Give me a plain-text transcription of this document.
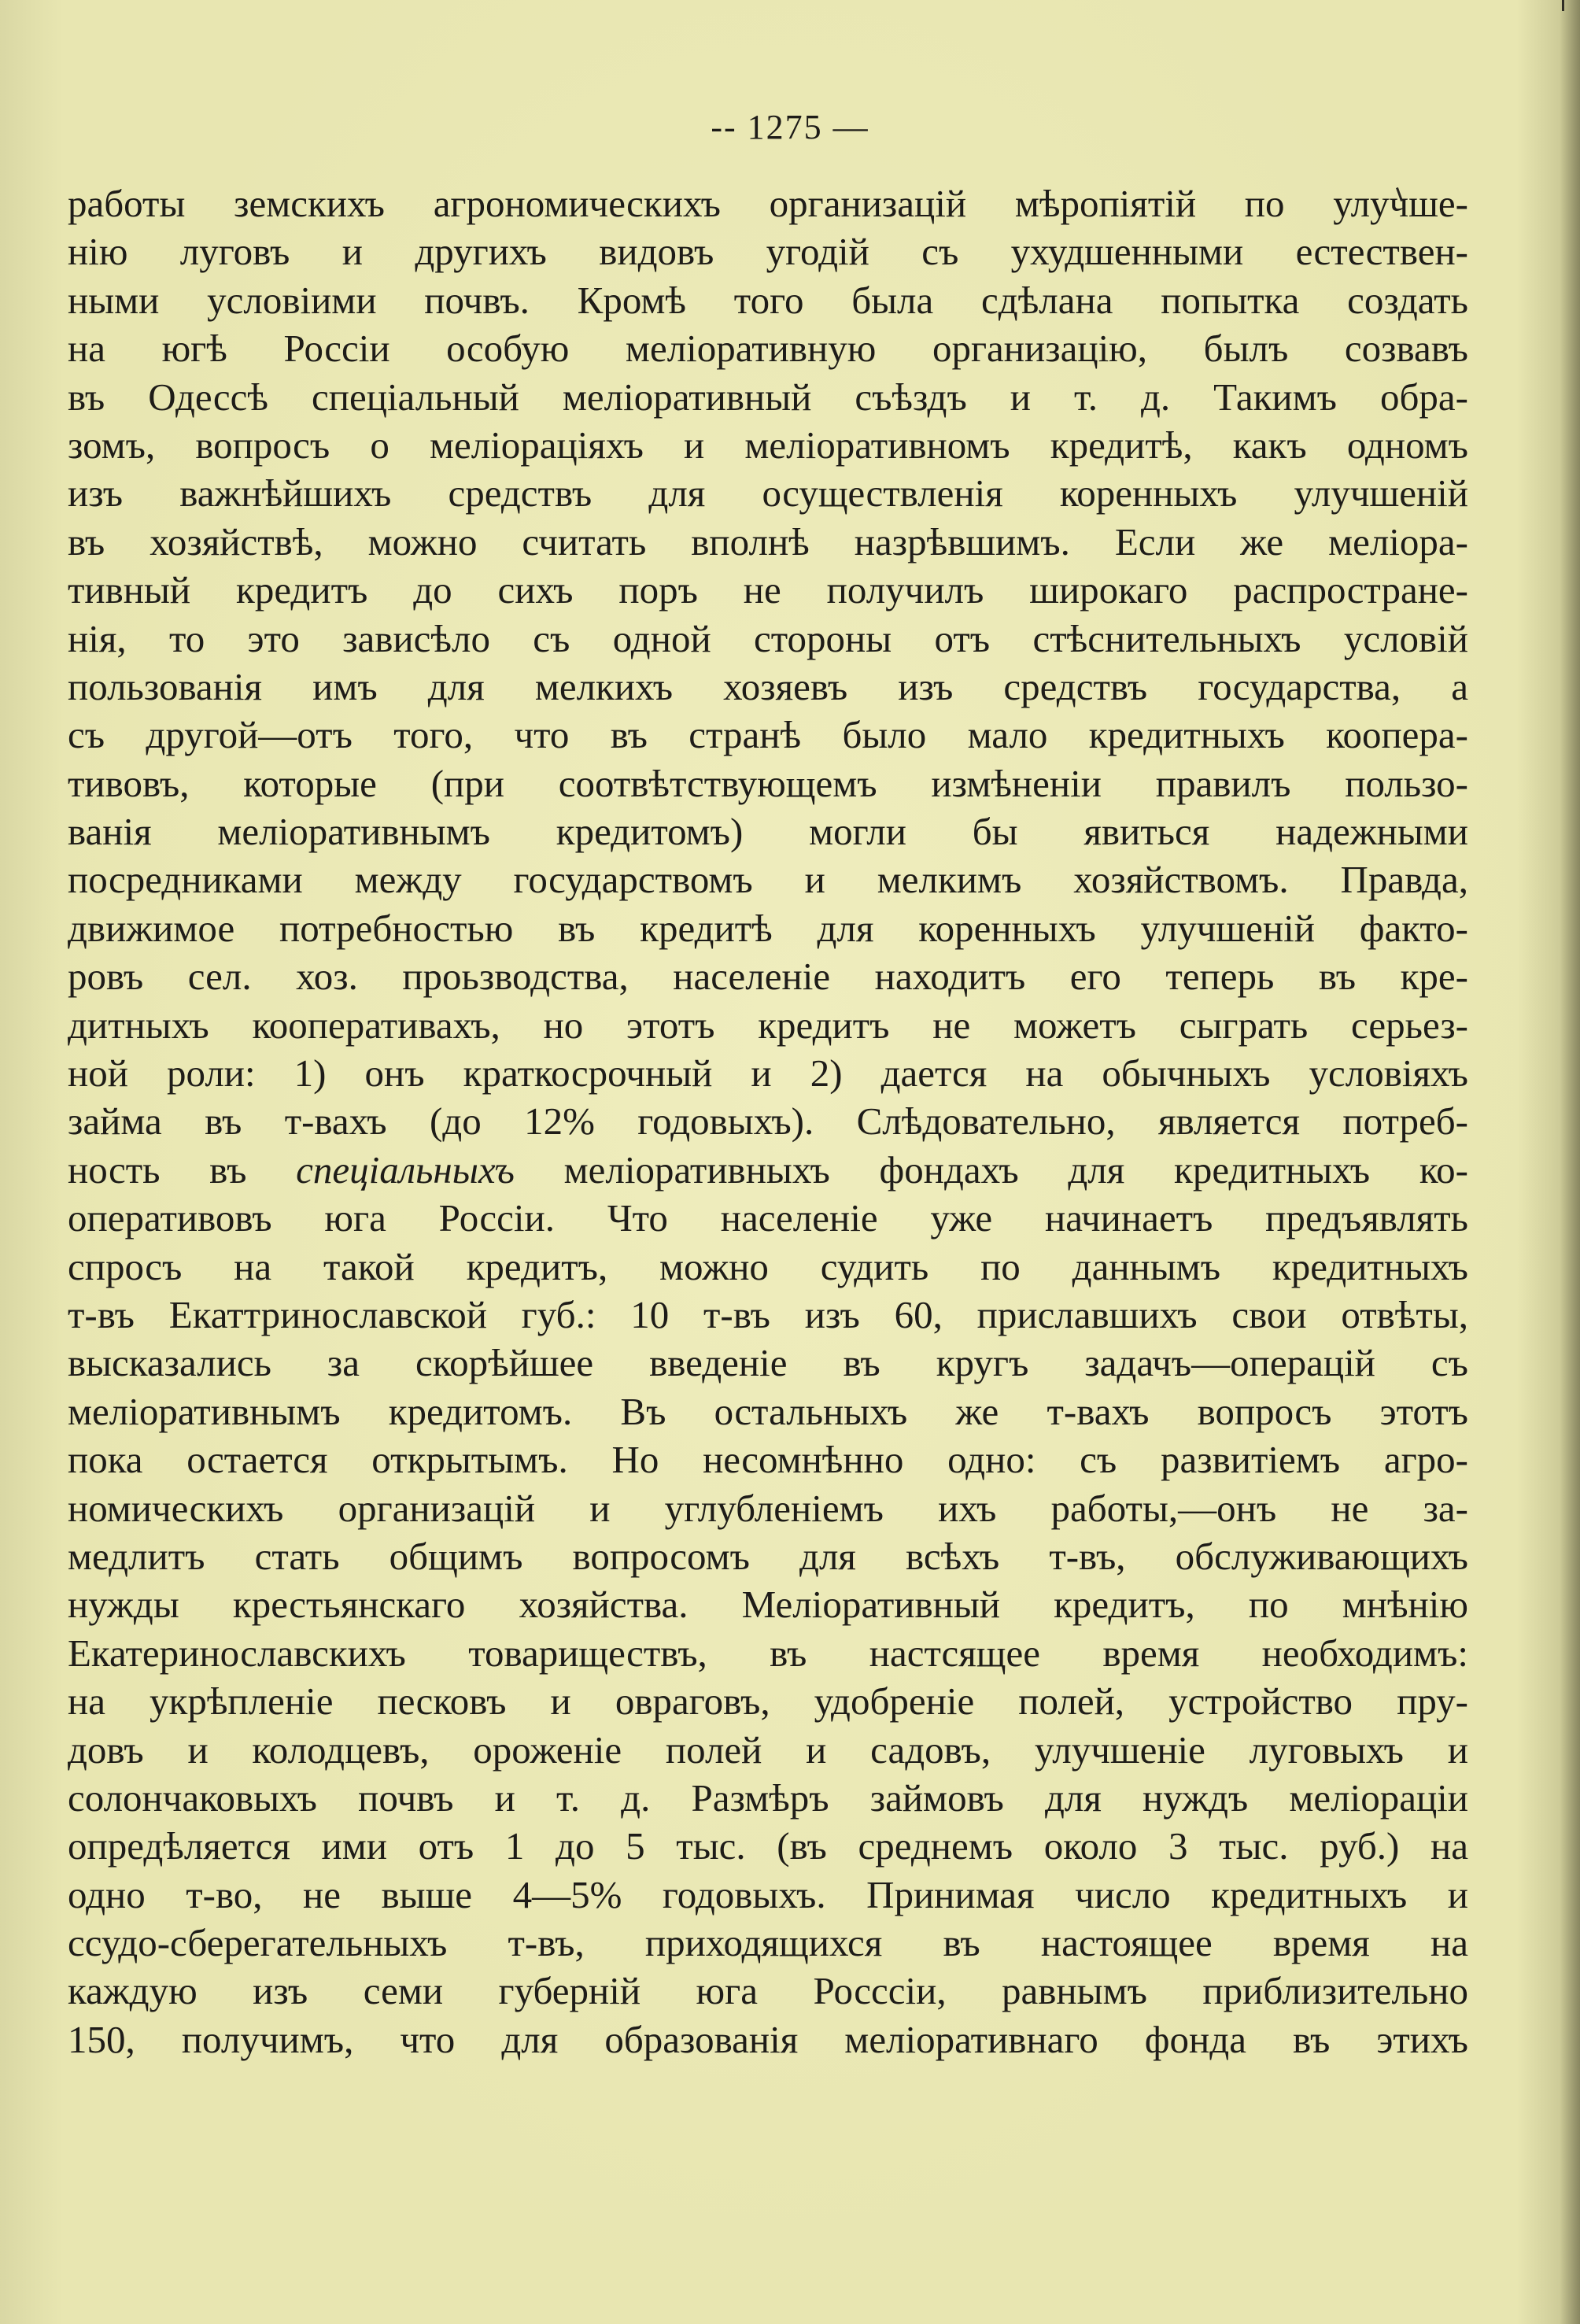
-- 1275 —
работы земскихъ агрономическихъ организацій мѣропіятій по улучше-
нію луговъ и другихъ видовъ угодій съ ухудшенными естествен-
ными условіими почвъ. Кромѣ того была сдѣлана попытка создать
на югѣ Россіи особую меліоративную организацію, былъ созвавъ
въ Одессѣ спеціальный меліоративный съѣздъ и т. д. Такимъ обра-
зомъ, вопросъ о меліораціяхъ и меліоративномъ кредитѣ, какъ одномъ
изъ важнѣйшихъ средствъ для осуществленія коренныхъ улучшеній
въ хозяйствѣ, можно считать вполнѣ назрѣвшимъ. Если же меліора-
тивный кредитъ до сихъ поръ не получилъ широкаго распростране-
нія, то это зависѣло съ одной стороны отъ стѣснительныхъ условій
пользованія имъ для мелкихъ хозяевъ изъ средствъ государства, а
съ другой—отъ того, что въ странѣ было мало кредитныхъ коопера-
тивовъ, которые (при соотвѣтствующемъ измѣненіи правилъ пользо-
ванія меліоративнымъ кредитомъ) могли бы явиться надежными
посредниками между государствомъ и мелкимъ хозяйствомъ. Правда,
движимое потребностью въ кредитѣ для коренныхъ улучшеній факто-
ровъ сел. хоз. проьзводства, населеніе находитъ его теперь въ кре-
дитныхъ кооперативахъ, но этотъ кредитъ не можетъ сыграть серьез-
ной роли: 1) онъ краткосрочный и 2) дается на обычныхъ условіяхъ
займа въ т-вахъ (до 12% годовыхъ). Слѣдовательно, является потреб-
ность въ спеціальныхъ меліоративныхъ фондахъ для кредитныхъ ко-
оперативовъ юга Россіи. Что населеніе уже начинаетъ предъявлять
спросъ на такой кредитъ, можно судить по даннымъ кредитныхъ
т-въ Екаттринославской губ.: 10 т-въ изъ 60, приславшихъ свои отвѣты,
высказались за скорѣйшее введеніе въ кругъ задачъ—операцій съ
меліоративнымъ кредитомъ. Въ остальныхъ же т-вахъ вопросъ этотъ
пока остается открытымъ. Но несомнѣнно одно: съ развитіемъ агро-
номическихъ организацій и углубленіемъ ихъ работы,—онъ не за-
медлитъ стать общимъ вопросомъ для всѣхъ т-въ, обслуживающихъ
нужды крестьянскаго хозяйства. Меліоративный кредитъ, по мнѣнію
Екатеринославскихъ товариществъ, въ настсящее время необходимъ:
на укрѣпленіе песковъ и овраговъ, удобреніе полей, устройство пру-
довъ и колодцевъ, ороженіе полей и садовъ, улучшеніе луговыхъ и
солончаковыхъ почвъ и т. д. Размѣръ займовъ для нуждъ меліораціи
опредѣляется ими отъ 1 до 5 тыс. (въ среднемъ около 3 тыс. руб.) на
одно т-во, не выше 4—5% годовыхъ. Принимая число кредитныхъ и
ссудо-сберегательныхъ т-въ, приходящихся въ настоящее время на
каждую изъ семи губерній юга Росссіи, равнымъ приблизительно
150, получимъ, что для образованія меліоративнаго фонда въ этихъ
